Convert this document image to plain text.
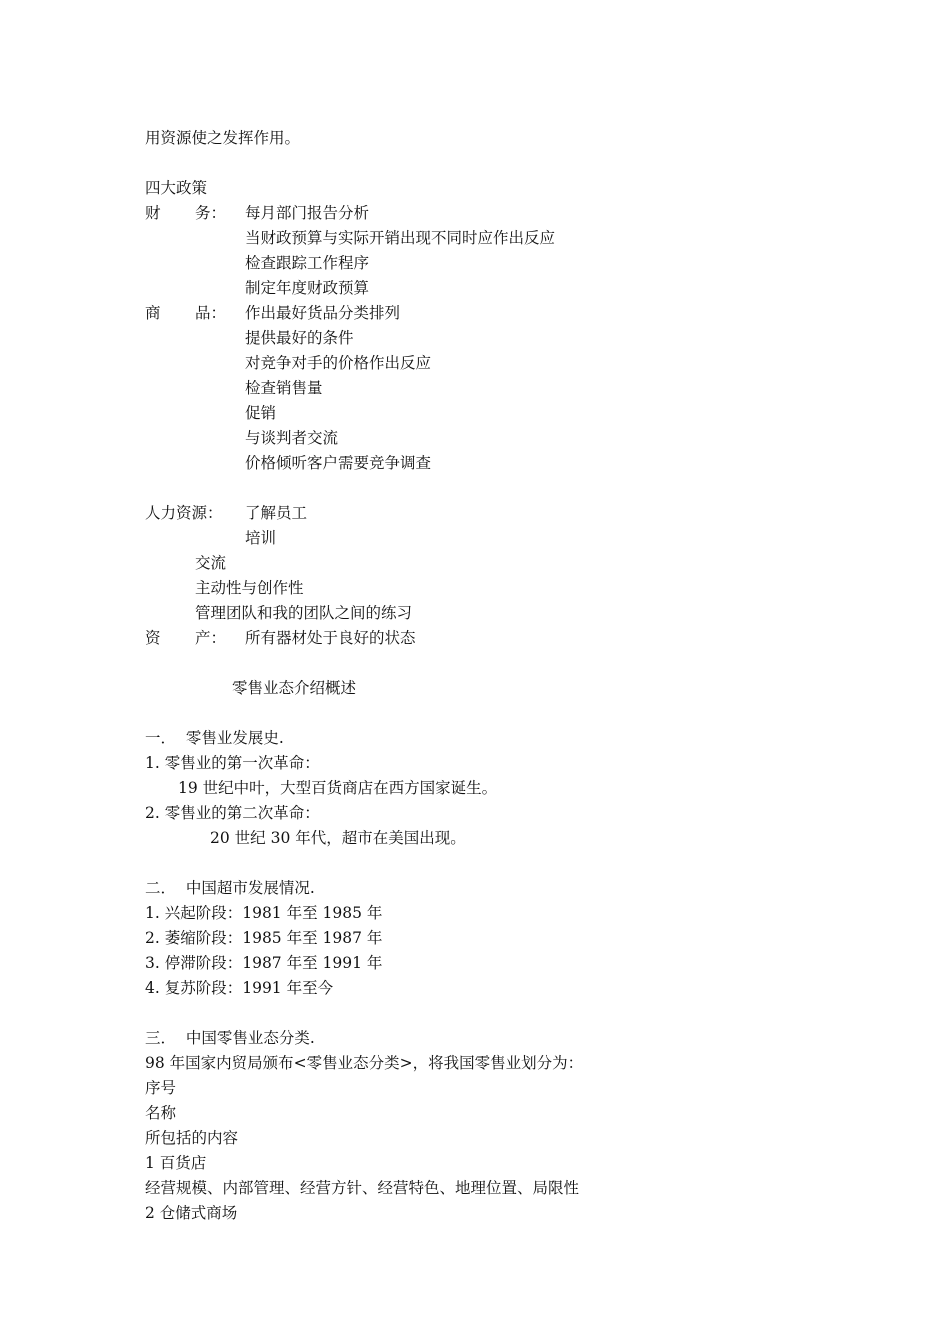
用资源使之发挥作用。
四大政策
财 务： 每月部门报告分析
当财政预算与实际开销出现不同时应作出反应
检查跟踪工作程序
制定年度财政预算
商 品： 作出最好货品分类排列
提供最好的条件
对竞争对手的价格作出反应
检查销售量
促销
与谈判者交流
价格倾听客户需要竞争调查
人力资源： 了解员工
培训
交流
主动性与创作性
管理团队和我的团队之间的练习
资 产： 所有器材处于良好的状态
零售业态介绍概述
一．  零售业发展史.
1. 零售业的第一次革命：
19 世纪中叶，大型百货商店在西方国家诞生。
2. 零售业的第二次革命：
20 世纪 30 年代，超市在美国出现。
二．  中国超市发展情况.
1. 兴起阶段：1981 年至 1985 年
2. 萎缩阶段：1985 年至 1987 年
3. 停滞阶段：1987 年至 1991 年
4. 复苏阶段：1991 年至今
三．  中国零售业态分类.
98 年国家内贸局颁布<零售业态分类>，将我国零售业划分为：
序号
名称
所包括的内容
1 百货店
经营规模、内部管理、经营方针、经营特色、地理位置、局限性
2 仓储式商场
